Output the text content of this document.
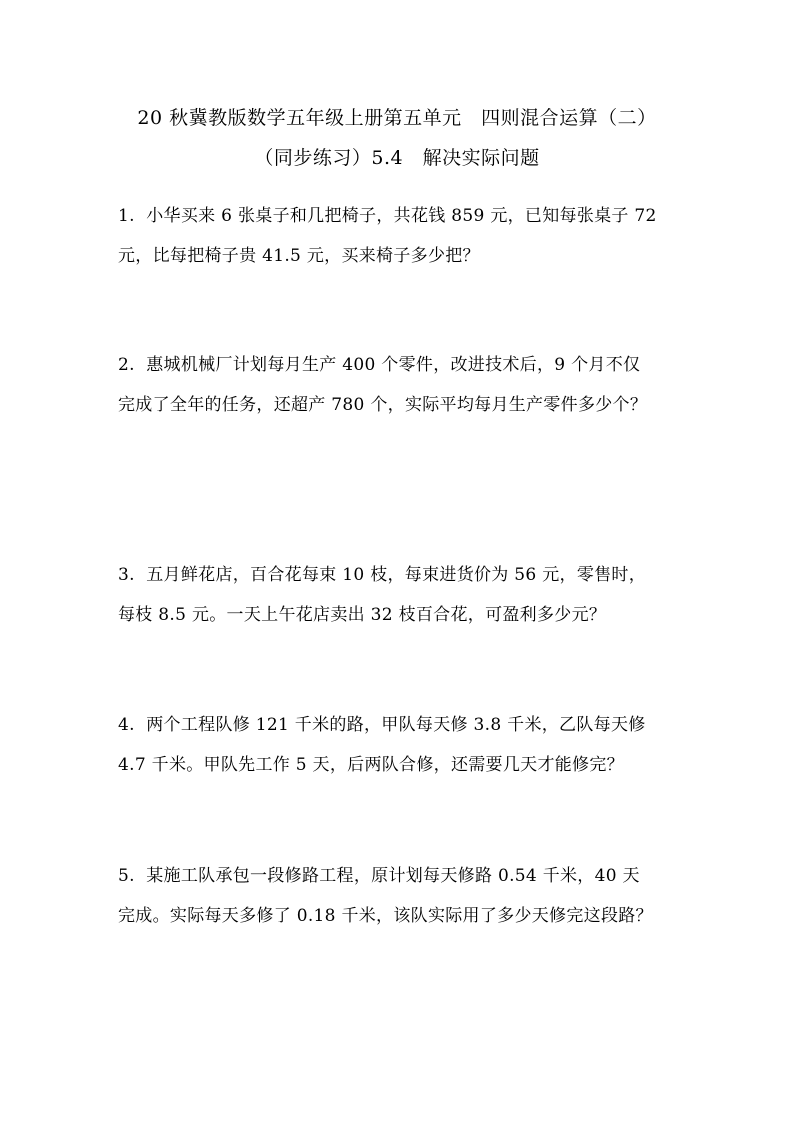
20 秋冀教版数学五年级上册第五单元　四则混合运算（二）
（同步练习）5.4　解决实际问题
1. 小华买来 6 张桌子和几把椅子，共花钱 859 元，已知每张桌子 72
元，比每把椅子贵 41.5 元，买来椅子多少把？
2. 惠城机械厂计划每月生产 400 个零件，改进技术后，9 个月不仅
完成了全年的任务，还超产 780 个，实际平均每月生产零件多少个？
3. 五月鲜花店，百合花每束 10 枝，每束进货价为 56 元，零售时，
每枝 8.5 元。一天上午花店卖出 32 枝百合花，可盈利多少元？
4. 两个工程队修 121 千米的路，甲队每天修 3.8 千米，乙队每天修
4.7 千米。甲队先工作 5 天，后两队合修，还需要几天才能修完？
5. 某施工队承包一段修路工程，原计划每天修路 0.54 千米，40 天
完成。实际每天多修了 0.18 千米，该队实际用了多少天修完这段路？
